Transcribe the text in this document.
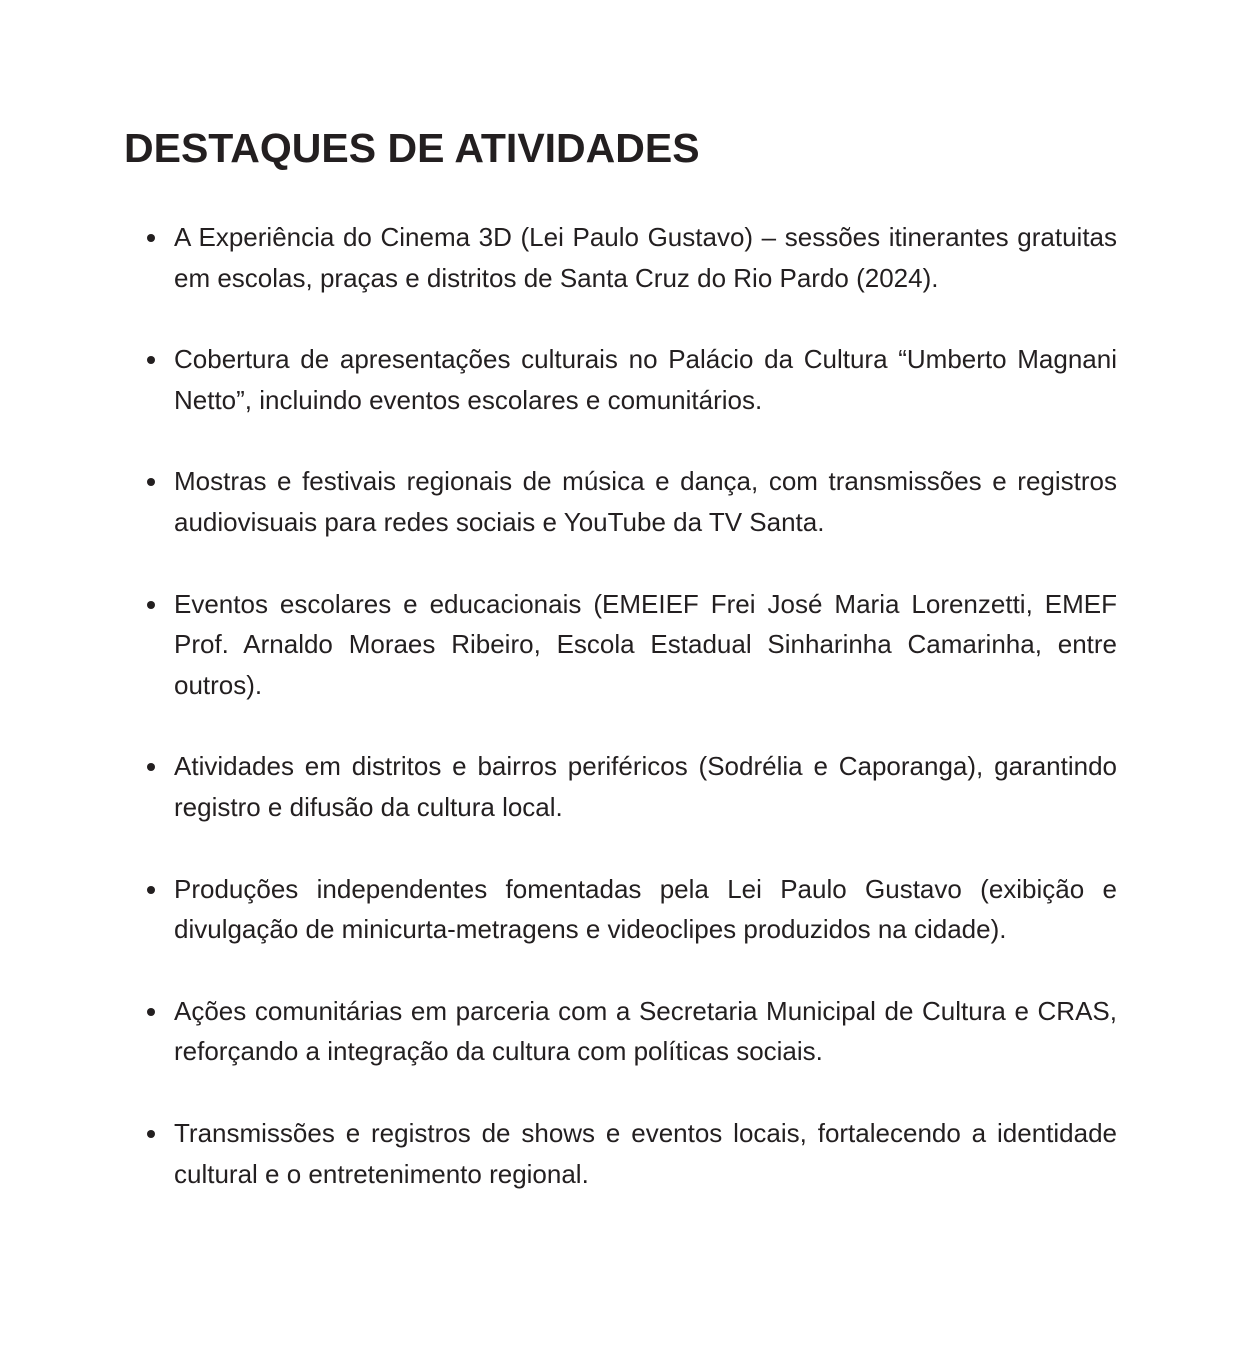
DESTAQUES DE ATIVIDADES
A Experiência do Cinema 3D (Lei Paulo Gustavo) – sessões itinerantes gratuitas em escolas, praças e distritos de Santa Cruz do Rio Pardo (2024).
Cobertura de apresentações culturais no Palácio da Cultura “Umberto Magnani Netto”, incluindo eventos escolares e comunitários.
Mostras e festivais regionais de música e dança, com transmissões e registros audiovisuais para redes sociais e YouTube da TV Santa.
Eventos escolares e educacionais (EMEIEF Frei José Maria Lorenzetti, EMEF Prof. Arnaldo Moraes Ribeiro, Escola Estadual Sinharinha Camarinha, entre outros).
Atividades em distritos e bairros periféricos (Sodrélia e Caporanga), garantindo registro e difusão da cultura local.
Produções independentes fomentadas pela Lei Paulo Gustavo (exibição e divulgação de minicurta-metragens e videoclipes produzidos na cidade).
Ações comunitárias em parceria com a Secretaria Municipal de Cultura e CRAS, reforçando a integração da cultura com políticas sociais.
Transmissões e registros de shows e eventos locais, fortalecendo a identidade cultural e o entretenimento regional.
